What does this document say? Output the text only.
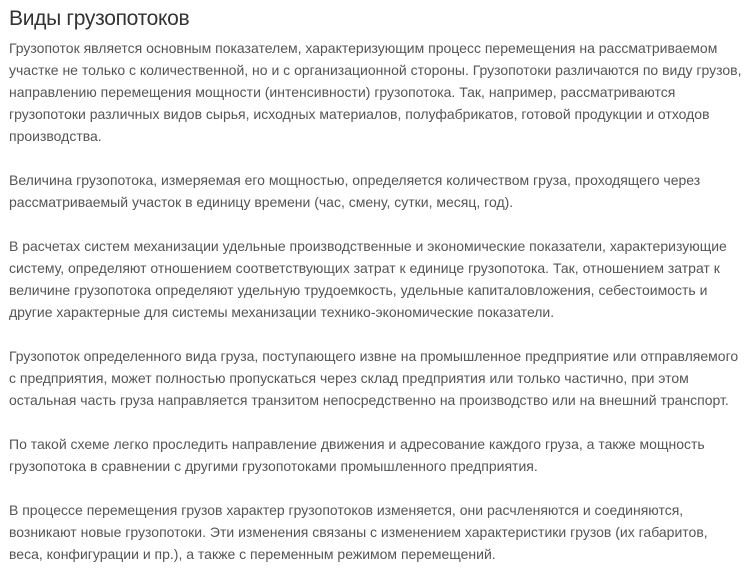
Виды грузопотоков

Грузопоток является основным показателем, характеризующим процесс перемещения на рассматриваемом участке не только с количественной, но и с организационной стороны. Грузопотоки различаются по виду грузов, направлению перемещения мощности (интенсивности) грузопотока. Так, например, рассматриваются грузопотоки различных видов сырья, исходных материалов, полуфабрикатов, готовой продукции и отходов производства.

Величина грузопотока, измеряемая его мощностью, определяется количеством груза, проходящего через рассматриваемый участок в единицу времени (час, смену, сутки, месяц, год).

В расчетах систем механизации удельные производственные и экономические показатели, характеризующие систему, определяют отношением соответствующих затрат к единице грузопотока. Так, отношением затрат к величине грузопотока определяют удельную трудоемкость, удельные капиталовложения, себестоимость и другие характерные для системы механизации технико-экономические показатели.

Грузопоток определенного вида груза, поступающего извне на промышленное предприятие или отправляемого с предприятия, может полностью пропускаться через склад предприятия или только частично, при этом остальная часть груза направляется транзитом непосредственно на производство или на внешний транспорт.

По такой схеме легко проследить направление движения и адресование каждого груза, а также мощность грузопотока в сравнении с другими грузопотоками промышленного предприятия.

В процессе перемещения грузов характер грузопотоков изменяется, они расчленяются и соединяются, возникают новые грузопотоки. Эти изменения связаны с изменением характеристики грузов (их габаритов, веса, конфигурации и пр.), а также с переменным режимом перемещений.
